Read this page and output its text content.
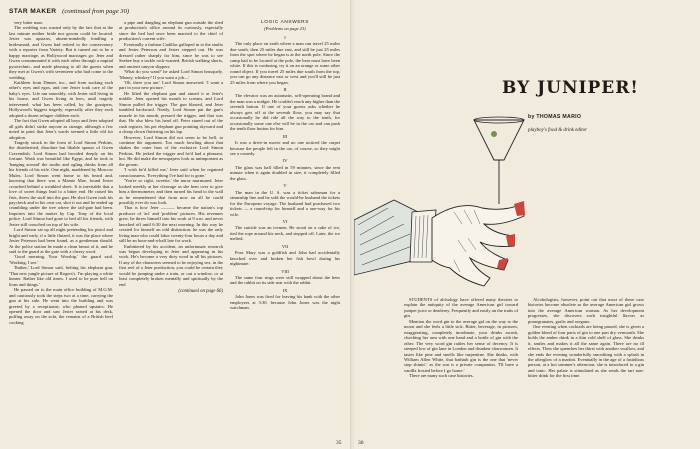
STAR MAKER (continued from page 30)

very bitter man.

The wedding was wasted only by the fact that at the last minute neither bride nor groom could be located. Jester was upstairs, absent-mindedly fondling a bridesmaid, and Gwen had retired to the conservatory with a reporter from Variety. But it turned out to be a happy marriage, as Hollywood marriages go: Jeter and Gwen consummated it with each other through a nuptial pyrotechnic, and made pleasing to all the guests when they met at Gwen's with seventeen who had come to the wedding.

Kathleen from Dinner, inc., and from sucking each other's eyes and egos, and one Jester took care of the baby's eyes. Life ran smoothly, with Jester still living in his house, and Gwen living in hers, until tragedy intervened: what has been called, by the gossipers, Hollywood's biggest tragedy, especially after they each adopted a dozen refugee children each.

The fact that Gwen adopted all boys and Jeter adopted all girls didn't strike anyone as strange, although a few noted in print that Jeter's wards seemed a little old for adoption.

Tragedy struck in the form of Lord Simon Perkins, the disinherited, dissolute but likable spouse of Gwen Cravendish. Lord Simon had brooded deeply on his fortune. Wash was beautiful like Egypt, and he took to 'hanging around' the studio and ogling drinks from all his friends of his wife. One night, maddened by Moscow Mules, Lord Simon went home to his beard and, knowing that there was a Mamie Mae, found Jester crouched behind a wrinkled sheet. It is inevitable that a love of sweet things lead to a bitter end. He raised his fists, threw the stuff into the gun. He shot Gwen took his paycheck and to his own car, shot it out and he ended up crumbling under the tree where the tail-gate had been. Inquiries into the matter by Cap. Tony of the local police: Lord Simon had gone to bed all his friends, with Jester still crouched on top of his wife.

Lord Simon sat up all night pretending his pistol and bright and early, if a little flutzed, it was the place where Jester Peterson had been found, as a gentleman should. At the police station he made a clean breast of it, and he said to the guard at the gate with a cheery word.

'Good morning, Your Worship,' the guard said. 'Working, I see.'

'Rather,' Lord Simon said, hefting his elephant gun. 'That new jungle picture of Rogers's. I'm playing a white hunter. Rather like old times. I used to be pure hell on lions and things.'

He passed on to the main office building of M.G.M. and cautiously took the steps two at a time, carrying the gun at his side. He went into the building and was greeted by a receptionist, who phoned upstairs. He opened the door and saw Jester seated at his desk, puffing away on the sofa, the remains of a British beef cooking

a pipe and dangling an elephant gun outside the shed at production's office around its curiously, especially since the bed had once been married to the chief of production's current wife.

Eventually a fashion Cadillac galloped in to the studio and Jester Peterson and Jester stepped out. He was dressed rather sharply for him, since he was to see Seabee buy a tackle rock-wanted, British walking shorts, and ancient canyon slippers.

'What do you want?' he asked Lord Simon brusquely. 'Money, whiskey? If you want a job—'

'Oh, there you are,' Lord Simon answered. 'I want a part in your new picture.'

He lifted the elephant gun and aimed it at Jeter's middle. Jeter opened his mouth to scream, and Lord Simon pulled the trigger. The gun blasted, and Jeter tumbled backward. Neatly, Lord Simon put the gun's muzzle in his mouth, pressed the trigger, and that was that. He also blew his head off. Peter stared out of the cash register, his pet elephant gun pointing skyward and a cheap clown fluttering on his lap.

However, Lord Simon did not seem to be hell, to continue the argument. Too much howling about that shakes the outer bars of the exclusive Lord Simon Perkins. He jerked the trigger and he'd had a pleasant, hot. He did make the newspapers look as unimportant as the groom.

'I wish he'd killed me,' Jeter said when he regained consciousness. 'Everything I've had for is gone.'

'You're so right, sweetie,' the nurse murmured. Jeter looked meekly at her cleavage as she bent over to give him a thermometer, and then turned his head to the wall as he remembered that from now on all he could possibly ever do was look.

That is how Jeter ——— became the nation's top producer of 'art' and 'problem' pictures. His revenues grew, he threw himself into his work at 9 a.m. and never knocked off until 6:30 the next morning. In this way he created for himself an odd distinction: he was the only living man who could labor twenty-four hours a day and still be an hour-and-a-half late for work.

Embittered by his accident, an unfortunate research was begun developing in Jeter and appearing in his work. He's become a very dirty word in all his pictures. If any of the characters seemed to be enjoying sex, in the first reel of a Jeter production, you could be certain they would be jumping under a train, or out a window, or at least completely broken mentally and spiritually by the end

(continued on page 66)
LOGIC ANSWERS
(Problems on page 23)
I
The only place on earth where a man can travel 25 miles due south, then 25 miles due east, and still be just 25 miles from the spot where he began is at the north pole. Since the camp had to be located at the pole, the bear must have been white. If this is confusing, try it on an orange or some other round object. If you travel 25 miles due south from the top, you can go any distance east or west and you'll still be just 25 miles from where you began.
II
The elevator was an automatic, self-operating brand and the man was a midget. He couldn't reach any higher than the seventh button. If one of your guests asks whether he always gets off at the seventh floor, you may say that occasionally he did ride all the way to the tenth, for occasionally some one else will be in the car and can push the tenth floor button for him.
III
It was a drive-in movie and no one noticed the carpet because the people left in the car, of course, so they might see a comedy.
IV
The glass was half filled in 59 minutes, since the tent minute when it again doubled in size, it completely filled the glass.
V
The man in the U. S. was a ticket salesman for a steamship line and he sold the would-be husband the tickets for the European voyage. The husband had purchased two tickets — a round-trip for himself and a one-way for his wife.
VI
The suicide was an icemen. He stood on a cake of ice, tied the rope around his neck, and stepped off. Later, the ice melted.
VII
Poor Mary was a goldfish and John had accidentally knocked over and broken her fish bowl during his nightmare.
VIII
The same four rings were still wrapped about the bees and the rabbit on its side rear with the rabbit.
IX
John Jones was fired for leaving his bank with the other employees at 3:30, because John Jones was the night watchman.
35
BY JUNIPER!
by THOMAS MARIO
playboy's food & drink editor

STUDENTS of alchology have offered many theories to explain the antiquity of the average American girl toward juniper juice or deaderey. Frequently and easily an the traits of gin.

Mention the word gin to the average gal on the way to the moon and she feels a little sick. Bitter, beverage, in pictures, exaggerating, completely inordinate, your drinks awash, clutching her arm with one hand and a bottle of gin with the other. The very word gin rattles her sense of decency. It is steeped low of gin lane in London and drunken charwomen. It tastes like pine and smells like turpentine. She thinks, with William Allen White, that bathtub gin is the one that 'never stop shinin',' as the sun is a private companion. 'I'll have a vanilla frosted before I go home.'

There are many such case histories.

Alcohologists, however, point out that most of these case histories become obsolete as the average American girl grows into the average American woman. As her development progresses, she discovers such insightful flavors as pomegranates, garlic and oregano.

One evening when cocktails are being passed, she is given a golden blend of four parts of gin to one part dry vermouth. She holds the amber drink in a thin cold shell of glass. She drinks it, smiles and makes it all the same again. There are no ill effects. Then she quenches her thirst with another swallow, and she ends the evening wonderfully smoothing with a splash in the afterglow of a martini. Eventually in the age of a fastidious person, at a hot summer's afternoon, she is introduced to a gin and tonic. Her palate is stimulated as she sends the tart non-bitter drink for the first time.

36
